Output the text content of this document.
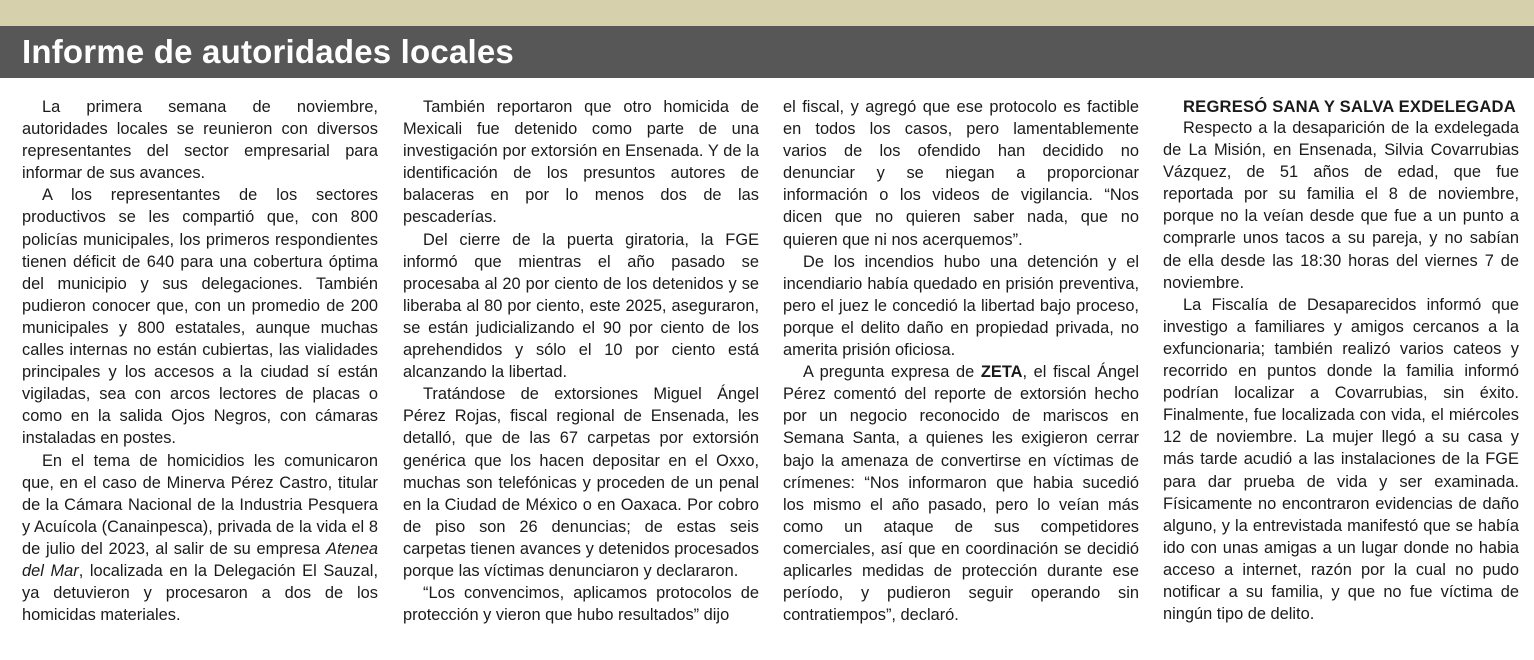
Informe de autoridades locales

La primera semana de noviembre, autoridades locales se reunieron con diversos representantes del sector empresarial para informar de sus avances.

A los representantes de los sectores productivos se les compartió que, con 800 policías municipales, los primeros respondientes tienen déficit de 640 para una cobertura óptima del municipio y sus delegaciones. También pudieron conocer que, con un promedio de 200 municipales y 800 estatales, aunque muchas calles internas no están cubiertas, las vialidades principales y los accesos a la ciudad sí están vigiladas, sea con arcos lectores de placas o como en la salida Ojos Negros, con cámaras instaladas en postes.

En el tema de homicidios les comunicaron que, en el caso de Minerva Pérez Castro, titular de la Cámara Nacional de la Industria Pesquera y Acuícola (Canainpesca), privada de la vida el 8 de julio del 2023, al salir de su empresa Atenea del Mar, localizada en la Delegación El Sauzal, ya detuvieron y procesaron a dos de los homicidas materiales.

También reportaron que otro homicida de Mexicali fue detenido como parte de una investigación por extorsión en Ensenada. Y de la identificación de los presuntos autores de balaceras en por lo menos dos de las pescaderías.

Del cierre de la puerta giratoria, la FGE informó que mientras el año pasado se procesaba al 20 por ciento de los detenidos y se liberaba al 80 por ciento, este 2025, aseguraron, se están judicializando el 90 por ciento de los aprehendidos y sólo el 10 por ciento está alcanzando la libertad.

Tratándose de extorsiones Miguel Ángel Pérez Rojas, fiscal regional de Ensenada, les detalló, que de las 67 carpetas por extorsión genérica que los hacen depositar en el Oxxo, muchas son telefónicas y proceden de un penal en la Ciudad de México o en Oaxaca. Por cobro de piso son 26 denuncias; de estas seis carpetas tienen avances y detenidos procesados porque las víctimas denunciaron y declararon.

“Los convencimos, aplicamos protocolos de protección y vieron que hubo resultados” dijo

el fiscal, y agregó que ese protocolo es factible en todos los casos, pero lamentablemente varios de los ofendido han decidido no denunciar y se niegan a proporcionar información o los videos de vigilancia. “Nos dicen que no quieren saber nada, que no quieren que ni nos acerquemos”.

De los incendios hubo una detención y el incendiario había quedado en prisión preventiva, pero el juez le concedió la libertad bajo proceso, porque el delito daño en propiedad privada, no amerita prisión oficiosa.

A pregunta expresa de ZETA, el fiscal Ángel Pérez comentó del reporte de extorsión hecho por un negocio reconocido de mariscos en Semana Santa, a quienes les exigieron cerrar bajo la amenaza de convertirse en víctimas de crímenes: “Nos informaron que habia sucedió los mismo el año pasado, pero lo veían más como un ataque de sus competidores comerciales, así que en coordinación se decidió aplicarles medidas de protección durante ese período, y pudieron seguir operando sin contratiempos”, declaró.

REGRESÓ SANA Y SALVA EXDELEGADA

Respecto a la desaparición de la exdelegada de La Misión, en Ensenada, Silvia Covarrubias Vázquez, de 51 años de edad, que fue reportada por su familia el 8 de noviembre, porque no la veían desde que fue a un punto a comprarle unos tacos a su pareja, y no sabían de ella desde las 18:30 horas del viernes 7 de noviembre.

La Fiscalía de Desaparecidos informó que investigo a familiares y amigos cercanos a la exfuncionaria; también realizó varios cateos y recorrido en puntos donde la familia informó podrían localizar a Covarrubias, sin éxito. Finalmente, fue localizada con vida, el miércoles 12 de noviembre. La mujer llegó a su casa y más tarde acudió a las instalaciones de la FGE para dar prueba de vida y ser examinada. Físicamente no encontraron evidencias de daño alguno, y la entrevistada manifestó que se había ido con unas amigas a un lugar donde no habia acceso a internet, razón por la cual no pudo notificar a su familia, y que no fue víctima de ningún tipo de delito.
